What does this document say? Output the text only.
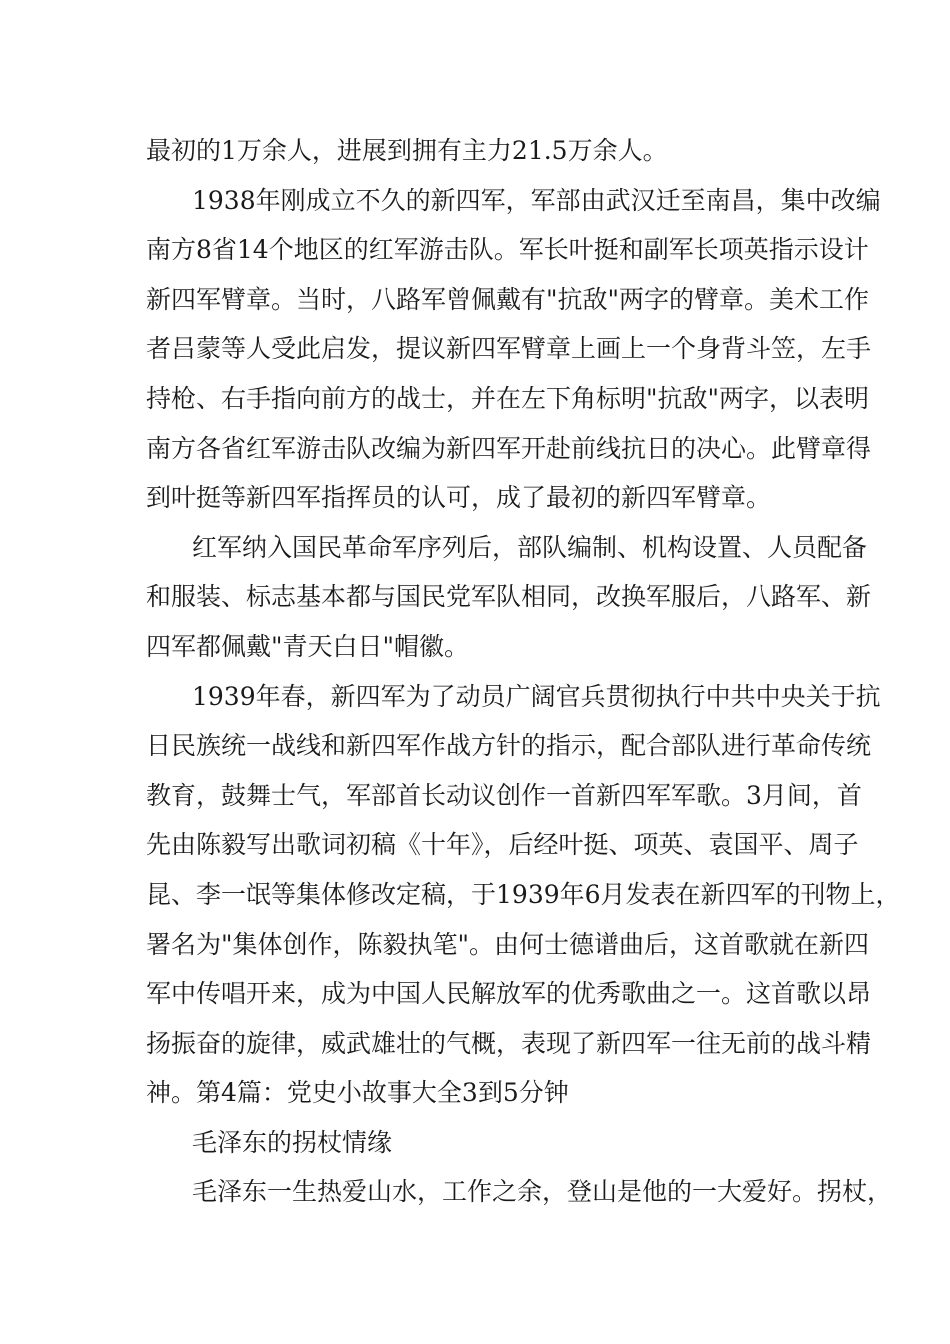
最初的1万余人，进展到拥有主力21.5万余人。
1938年刚成立不久的新四军，军部由武汉迁至南昌，集中改编
南方8省14个地区的红军游击队。军长叶挺和副军长项英指示设计
新四军臂章。当时，八路军曾佩戴有"抗敌"两字的臂章。美术工作
者吕蒙等人受此启发，提议新四军臂章上画上一个身背斗笠，左手
持枪、右手指向前方的战士，并在左下角标明"抗敌"两字，以表明
南方各省红军游击队改编为新四军开赴前线抗日的决心。此臂章得
到叶挺等新四军指挥员的认可，成了最初的新四军臂章。
红军纳入国民革命军序列后，部队编制、机构设置、人员配备
和服装、标志基本都与国民党军队相同，改换军服后，八路军、新
四军都佩戴"青天白日"帽徽。
1939年春，新四军为了动员广阔官兵贯彻执行中共中央关于抗
日民族统一战线和新四军作战方针的指示，配合部队进行革命传统
教育，鼓舞士气，军部首长动议创作一首新四军军歌。3月间，首
先由陈毅写出歌词初稿《十年》，后经叶挺、项英、袁国平、周子
昆、李一氓等集体修改定稿，于1939年6月发表在新四军的刊物上，
署名为"集体创作，陈毅执笔"。由何士德谱曲后，这首歌就在新四
军中传唱开来，成为中国人民解放军的优秀歌曲之一。这首歌以昂
扬振奋的旋律，威武雄壮的气概，表现了新四军一往无前的战斗精
神。第4篇：党史小故事大全3到5分钟
毛泽东的拐杖情缘
毛泽东一生热爱山水，工作之余，登山是他的一大爱好。拐杖，
